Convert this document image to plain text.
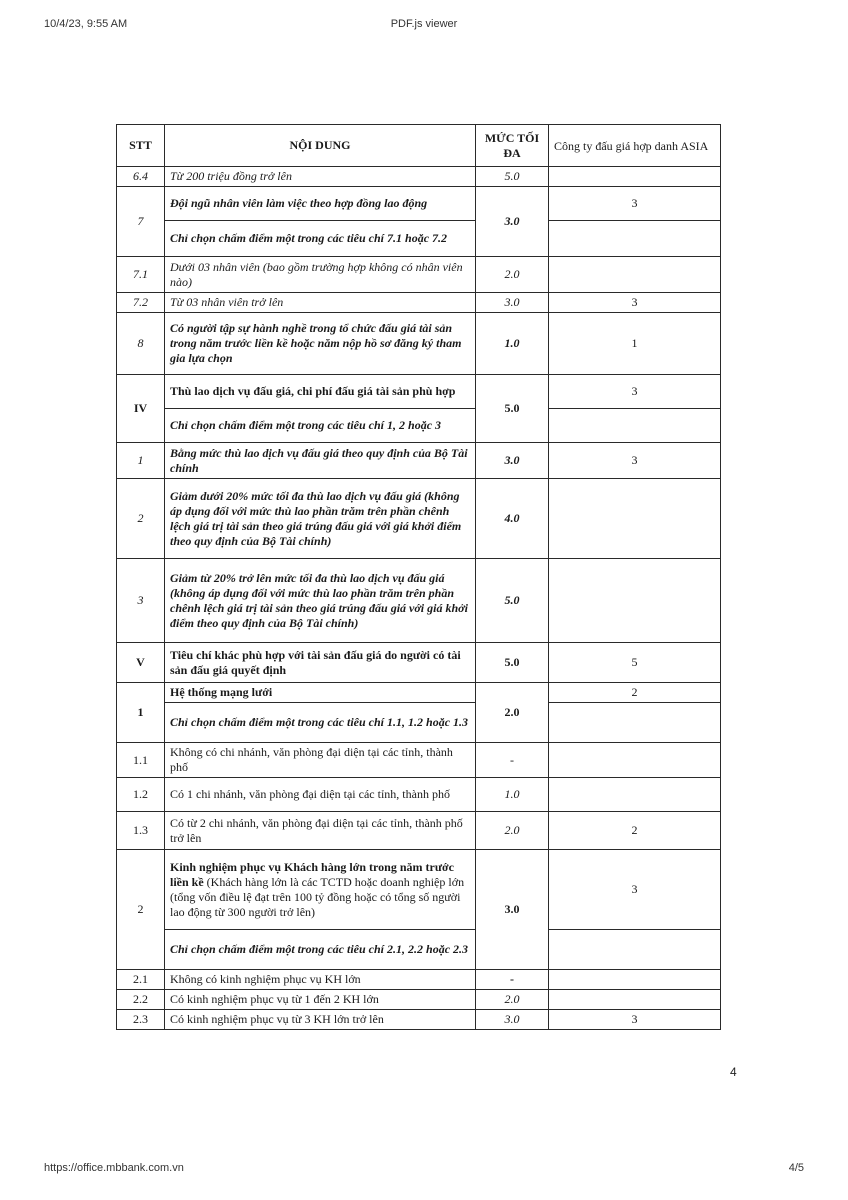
10/4/23, 9:55 AM	PDF.js viewer
STT	NỘI DUNG	MỨC TỐI ĐA	Công ty đấu giá hợp danh ASIA
6.4	Từ 200 triệu đồng trở lên	5.0	
7	Đội ngũ nhân viên làm việc theo hợp đồng lao động	3.0	3
	Chỉ chọn chấm điểm một trong các tiêu chí 7.1 hoặc 7.2		
7.1	Dưới 03 nhân viên (bao gồm trường hợp không có nhân viên nào)	2.0	
7.2	Từ 03 nhân viên trở lên	3.0	3
8	Có người tập sự hành nghề trong tổ chức đấu giá tài sản trong năm trước liền kề hoặc năm nộp hồ sơ đăng ký tham gia lựa chọn	1.0	1
IV	Thù lao dịch vụ đấu giá, chi phí đấu giá tài sản phù hợp	5.0	3
	Chỉ chọn chấm điểm một trong các tiêu chí 1, 2 hoặc 3		
1	Bằng mức thù lao dịch vụ đấu giá theo quy định của Bộ Tài chính	3.0	3
2	Giảm dưới 20% mức tối đa thù lao dịch vụ đấu giá (không áp dụng đối với mức thù lao phần trăm trên phần chênh lệch giá trị tài sản theo giá trúng đấu giá với giá khởi điểm theo quy định của Bộ Tài chính)	4.0	
3	Giảm từ 20% trở lên mức tối đa thù lao dịch vụ đấu giá (không áp dụng đối với mức thù lao phần trăm trên phần chênh lệch giá trị tài sản theo giá trúng đấu giá với giá khởi điểm theo quy định của Bộ Tài chính)	5.0	
V	Tiêu chí khác phù hợp với tài sản đấu giá do người có tài sản đấu giá quyết định	5.0	5
1	Hệ thống mạng lưới	2.0	2
	Chỉ chọn chấm điểm một trong các tiêu chí 1.1, 1.2 hoặc 1.3		
1.1	Không có chi nhánh, văn phòng đại diện tại các tỉnh, thành phố	-	
1.2	Có 1 chi nhánh, văn phòng đại diện tại các tỉnh, thành phố	1.0	
1.3	Có từ 2 chi nhánh, văn phòng đại diện tại các tỉnh, thành phố trở lên	2.0	2
2	Kinh nghiệm phục vụ Khách hàng lớn trong năm trước liền kề (Khách hàng lớn là các TCTD hoặc doanh nghiệp lớn (tổng vốn điều lệ đạt trên 100 tỷ đồng hoặc có tổng số người lao động từ 300 người trở lên)	3.0	3
	Chỉ chọn chấm điểm một trong các tiêu chí 2.1, 2.2 hoặc 2.3		
2.1	Không có kinh nghiệm phục vụ KH lớn	-	
2.2	Có kinh nghiệm phục vụ từ 1 đến 2 KH lớn	2.0	
2.3	Có kinh nghiệm phục vụ từ 3 KH lớn trở lên	3.0	3
4
https://office.mbbank.com.vn	4/5
